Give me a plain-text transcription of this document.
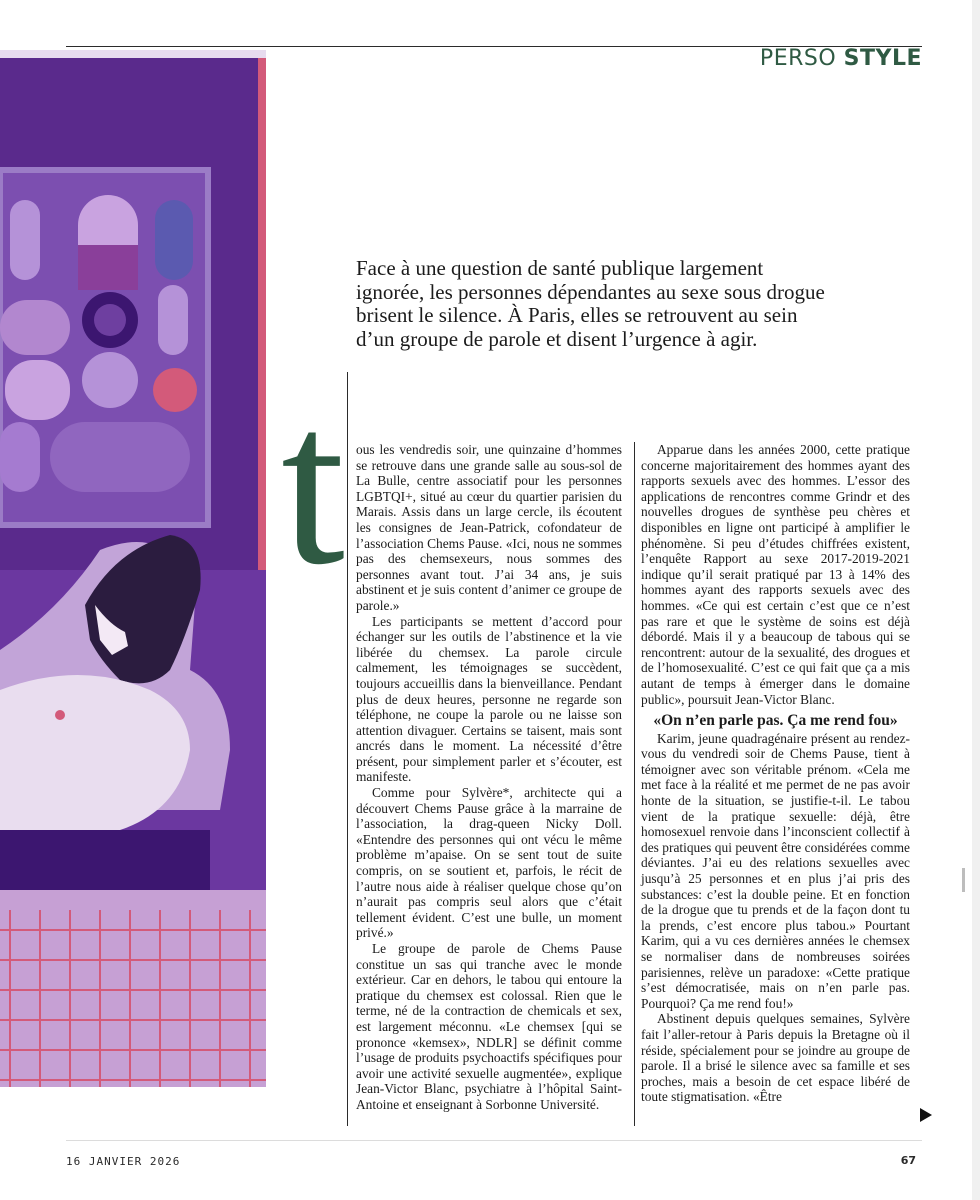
PERSO STYLE

Face à une question de santé publique largement ignorée, les personnes dépendantes au sexe sous drogue brisent le silence. À Paris, elles se retrouvent au sein d’un groupe de parole et disent l’urgence à agir.

t ous les vendredis soir, une quinzaine d’hommes se retrouve dans une grande salle au sous-sol de La Bulle, centre associatif pour les personnes LGBTQI+, situé au cœur du quartier parisien du Marais. Assis dans un large cercle, ils écoutent les consignes de Jean-Patrick, cofondateur de l’association Chems Pause. «Ici, nous ne sommes pas des chemsexeurs, nous sommes des personnes avant tout. J’ai 34 ans, je suis abstinent et je suis content d’animer ce groupe de parole.»

Les participants se mettent d’accord pour échanger sur les outils de l’abstinence et la vie libérée du chemsex. La parole circule calmement, les témoignages se succèdent, toujours accueillis dans la bienveillance. Pendant plus de deux heures, personne ne regarde son téléphone, ne coupe la parole ou ne laisse son attention divaguer. Certains se taisent, mais sont ancrés dans le moment. La nécessité d’être présent, pour simplement parler et s’écouter, est manifeste.

Comme pour Sylvère*, architecte qui a découvert Chems Pause grâce à la marraine de l’association, la drag-queen Nicky Doll. «Entendre des personnes qui ont vécu le même problème m’apaise. On se sent tout de suite compris, on se soutient et, parfois, le récit de l’autre nous aide à réaliser quelque chose qu’on n’aurait pas compris seul alors que c’était tellement évident. C’est une bulle, un moment privé.»

Le groupe de parole de Chems Pause constitue un sas qui tranche avec le monde extérieur. Car en dehors, le tabou qui entoure la pratique du chemsex est colossal. Rien que le terme, né de la contraction de chemicals et sex, est largement méconnu. «Le chemsex [qui se prononce «kemsex», NDLR] se définit comme l’usage de produits psychoactifs spécifiques pour avoir une activité sexuelle augmentée», explique Jean-Victor Blanc, psychiatre à l’hôpital Saint-Antoine et enseignant à Sorbonne Université.

Apparue dans les années 2000, cette pratique concerne majoritairement des hommes ayant des rapports sexuels avec des hommes. L’essor des applications de rencontres comme Grindr et des nouvelles drogues de synthèse peu chères et disponibles en ligne ont participé à amplifier le phénomène. Si peu d’études chiffrées existent, l’enquête Rapport au sexe 2017-2019-2021 indique qu’il serait pratiqué par 13 à 14% des hommes ayant des rapports sexuels avec des hommes. «Ce qui est certain c’est que ce n’est pas rare et que le système de soins est déjà débordé. Mais il y a beaucoup de tabous qui se rencontrent: autour de la sexualité, des drogues et de l’homosexualité. C’est ce qui fait que ça a mis autant de temps à émerger dans le domaine public», poursuit Jean-Victor Blanc.

«On n’en parle pas. Ça me rend fou»

Karim, jeune quadragénaire présent au rendez-vous du vendredi soir de Chems Pause, tient à témoigner avec son véritable prénom. «Cela me met face à la réalité et me permet de ne pas avoir honte de la situation, se justifie-t-il. Le tabou vient de la pratique sexuelle: déjà, être homosexuel renvoie dans l’inconscient collectif à des pratiques qui peuvent être considérées comme déviantes. J’ai eu des relations sexuelles avec jusqu’à 25 personnes et en plus j’ai pris des substances: c’est la double peine. Et en fonction de la drogue que tu prends et de la façon dont tu la prends, c’est encore plus tabou.» Pourtant Karim, qui a vu ces dernières années le chemsex se normaliser dans de nombreuses soirées parisiennes, relève un paradoxe: «Cette pratique s’est démocratisée, mais on n’en parle pas. Pourquoi? Ça me rend fou!»

Abstinent depuis quelques semaines, Sylvère fait l’aller-retour à Paris depuis la Bretagne où il réside, spécialement pour se joindre au groupe de parole. Il a brisé le silence avec sa famille et ses proches, mais a besoin de cet espace libéré de toute stigmatisation. «Être

16 JANVIER 2026	67
